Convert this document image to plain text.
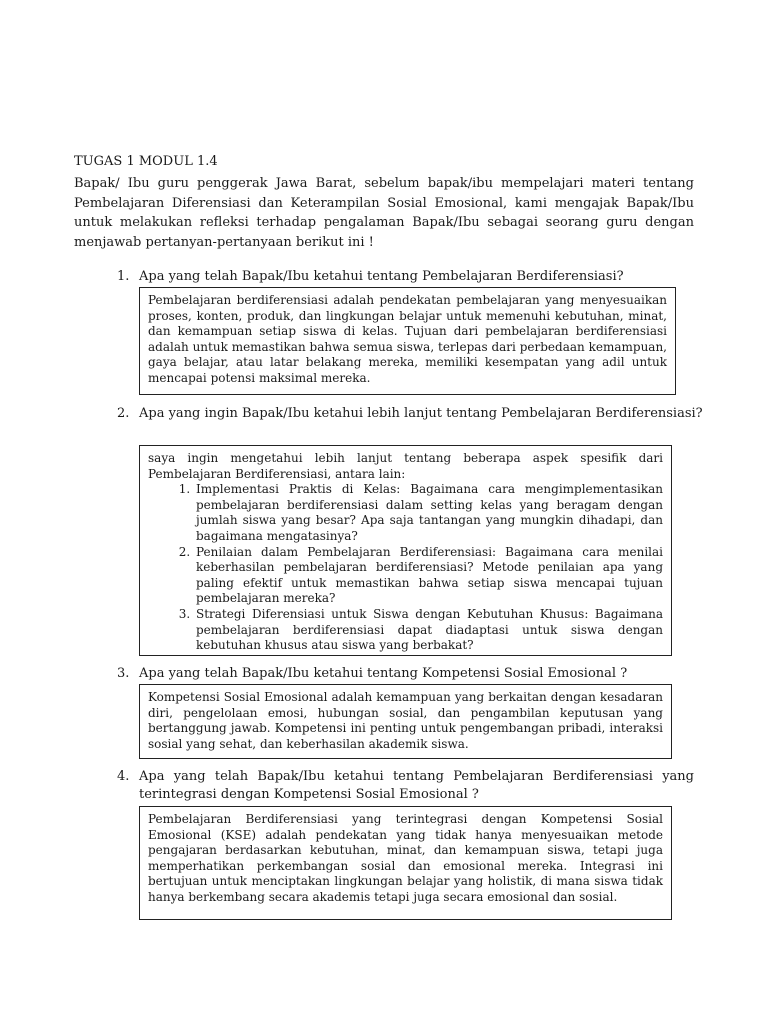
TUGAS 1 MODUL 1.4
Bapak/ Ibu guru penggerak Jawa Barat, sebelum bapak/ibu mempelajari materi tentang Pembelajaran Diferensiasi dan Keterampilan Sosial Emosional, kami mengajak Bapak/Ibu untuk melakukan refleksi terhadap pengalaman Bapak/Ibu sebagai seorang guru dengan menjawab pertanyan-pertanyaan berikut ini !
1. Apa yang telah Bapak/Ibu ketahui tentang Pembelajaran Berdiferensiasi?

Pembelajaran berdiferensiasi adalah pendekatan pembelajaran yang menyesuaikan proses, konten, produk, dan lingkungan belajar untuk memenuhi kebutuhan, minat, dan kemampuan setiap siswa di kelas. Tujuan dari pembelajaran berdiferensiasi adalah untuk memastikan bahwa semua siswa, terlepas dari perbedaan kemampuan, gaya belajar, atau latar belakang mereka, memiliki kesempatan yang adil untuk mencapai potensi maksimal mereka.

2. Apa yang ingin Bapak/Ibu ketahui lebih lanjut tentang Pembelajaran Berdiferensiasi?

saya ingin mengetahui lebih lanjut tentang beberapa aspek spesifik dari Pembelajaran Berdiferensiasi, antara lain:

1. Implementasi Praktis di Kelas: Bagaimana cara mengimplementasikan pembelajaran berdiferensiasi dalam setting kelas yang beragam dengan jumlah siswa yang besar? Apa saja tantangan yang mungkin dihadapi, dan bagaimana mengatasinya?
2. Penilaian dalam Pembelajaran Berdiferensiasi: Bagaimana cara menilai keberhasilan pembelajaran berdiferensiasi? Metode penilaian apa yang paling efektif untuk memastikan bahwa setiap siswa mencapai tujuan pembelajaran mereka?
3. Strategi Diferensiasi untuk Siswa dengan Kebutuhan Khusus: Bagaimana pembelajaran berdiferensiasi dapat diadaptasi untuk siswa dengan kebutuhan khusus atau siswa yang berbakat?
3. Apa yang telah Bapak/Ibu ketahui tentang Kompetensi Sosial Emosional ?

Kompetensi Sosial Emosional adalah kemampuan yang berkaitan dengan kesadaran diri, pengelolaan emosi, hubungan sosial, dan pengambilan keputusan yang bertanggung jawab. Kompetensi ini penting untuk pengembangan pribadi, interaksi sosial yang sehat, dan keberhasilan akademik siswa.

4. Apa yang telah Bapak/Ibu ketahui tentang Pembelajaran Berdiferensiasi yang terintegrasi dengan Kompetensi Sosial Emosional ?

Pembelajaran Berdiferensiasi yang terintegrasi dengan Kompetensi Sosial Emosional (KSE) adalah pendekatan yang tidak hanya menyesuaikan metode pengajaran berdasarkan kebutuhan, minat, dan kemampuan siswa, tetapi juga memperhatikan perkembangan sosial dan emosional mereka. Integrasi ini bertujuan untuk menciptakan lingkungan belajar yang holistik, di mana siswa tidak hanya berkembang secara akademis tetapi juga secara emosional dan sosial.
